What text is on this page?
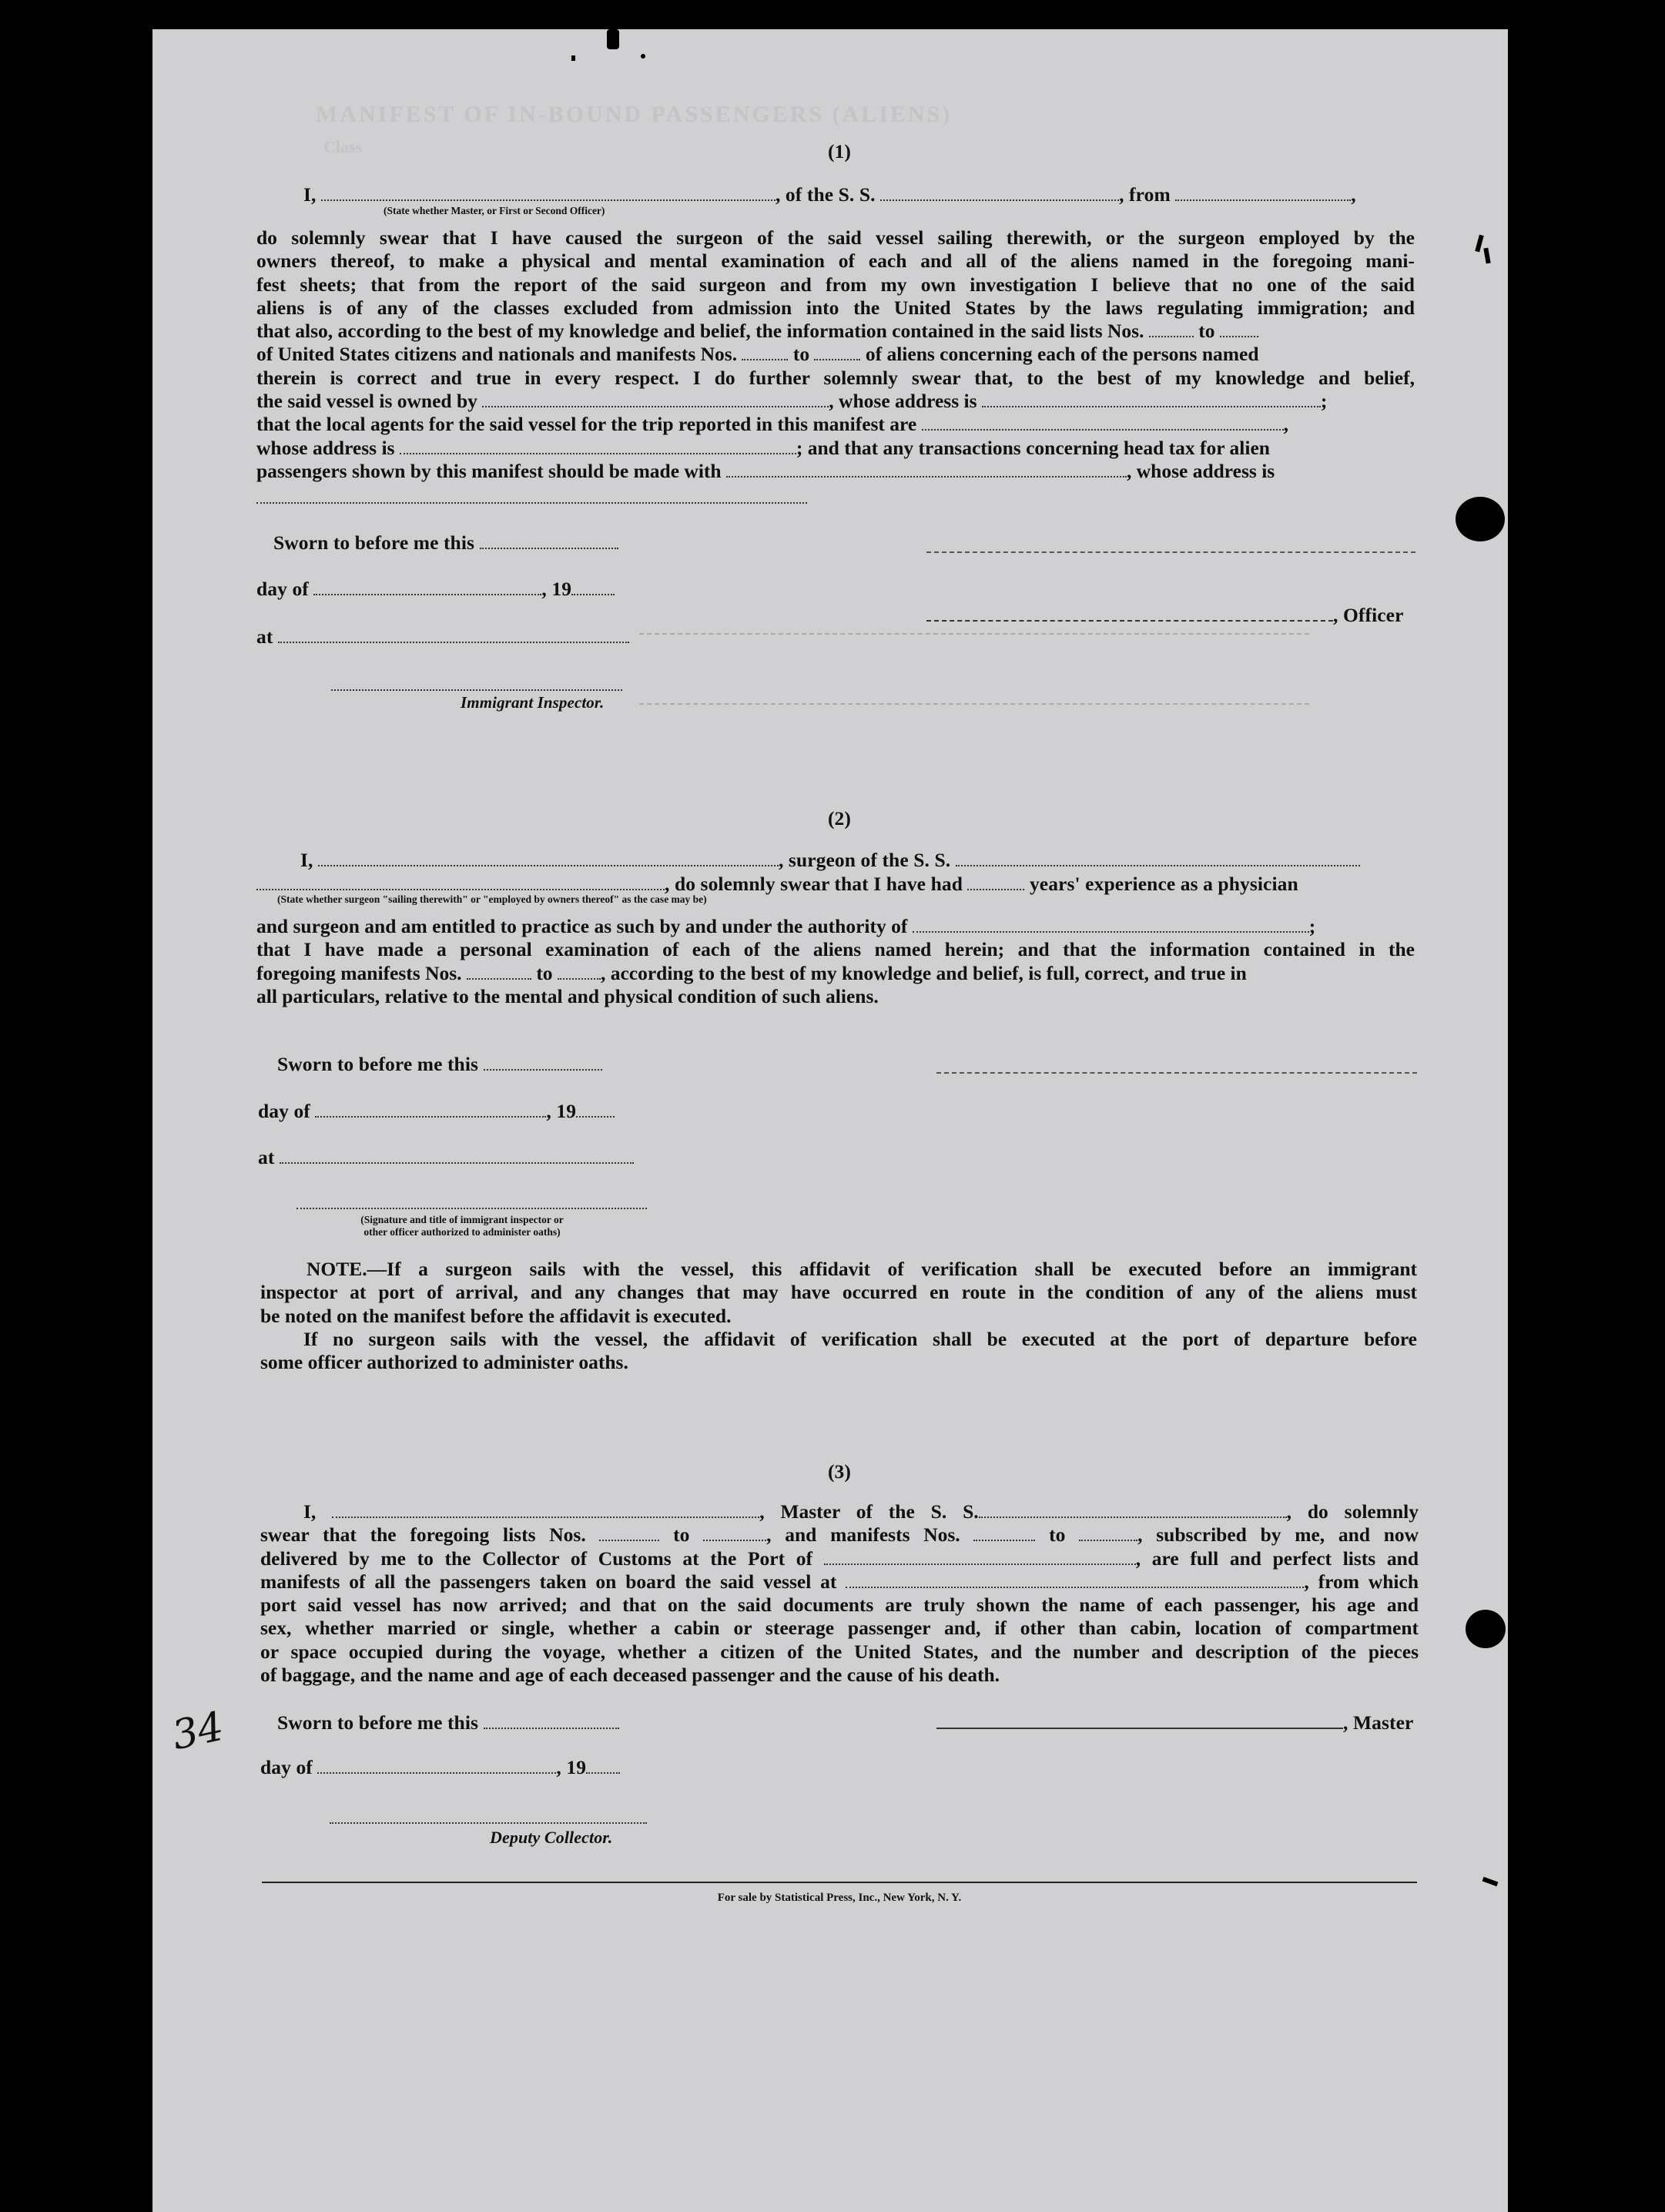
MANIFEST OF IN-BOUND PASSENGERS (ALIENS)
Class	(1)
I,	, of the S. S.	, from	,
(State whether Master, or First or Second Officer)
do solemnly swear that I have caused the surgeon of the said vessel sailing therewith, or the surgeon employed by the
owners thereof, to make a physical and mental examination of each and all of the aliens named in the foregoing mani-
fest sheets; that from the report of the said surgeon and from my own investigation I believe that no one of the said
aliens is of any of the classes excluded from admission into the United States by the laws regulating immigration; and
that also, according to the best of my knowledge and belief, the information contained in the said lists Nos.	to
of United States citizens and nationals and manifests Nos.	to	of aliens concerning each of the persons named
therein is correct and true in every respect. I do further solemnly swear that, to the best of my knowledge and belief,
the said vessel is owned by	, whose address is	;
that the local agents for the said vessel for the trip reported in this manifest are	,
whose address is	; and that any transactions concerning head tax for alien
passengers shown by this manifest should be made with	, whose address is
Sworn to before me this
day of	, 19
, Officer
at
Immigrant Inspector.
(2)
I,	, surgeon of the S. S.
, do solemnly swear that I have had	years' experience as a physician
(State whether surgeon "sailing therewith" or "employed by owners thereof" as the case may be)
and surgeon and am entitled to practice as such by and under the authority of	;
that I have made a personal examination of each of the aliens named herein; and that the information contained in the
foregoing manifests Nos.	to , according to the best of my knowledge and belief, is full, correct, and true in
all particulars, relative to the mental and physical condition of such aliens.
Sworn to before me this
day of	, 19
at
(Signature and title of immigrant inspector or
other officer authorized to administer oaths)
NOTE.—If a surgeon sails with the vessel, this affidavit of verification shall be executed before an immigrant
inspector at port of arrival, and any changes that may have occurred en route in the condition of any of the aliens must
be noted on the manifest before the affidavit is executed.
If no surgeon sails with the vessel, the affidavit of verification shall be executed at the port of departure before
some officer authorized to administer oaths.
(3)
I,	, Master of the S. S.	, do solemnly
swear that the foregoing lists Nos.	to	, and manifests Nos.	to	, subscribed by me, and now
delivered by me to the Collector of Customs at the Port of	, are full and perfect lists and
manifests of all the passengers taken on board the said vessel at	, from which
port said vessel has now arrived; and that on the said documents are truly shown the name of each passenger, his age and
sex, whether married or single, whether a cabin or steerage passenger and, if other than cabin, location of compartment
or space occupied during the voyage, whether a citizen of the United States, and the number and description of the pieces
of baggage, and the name and age of each deceased passenger and the cause of his death.
Sworn to before me this	, Master
day of	, 19
Deputy Collector.
34
For sale by Statistical Press, Inc., New York, N. Y.
